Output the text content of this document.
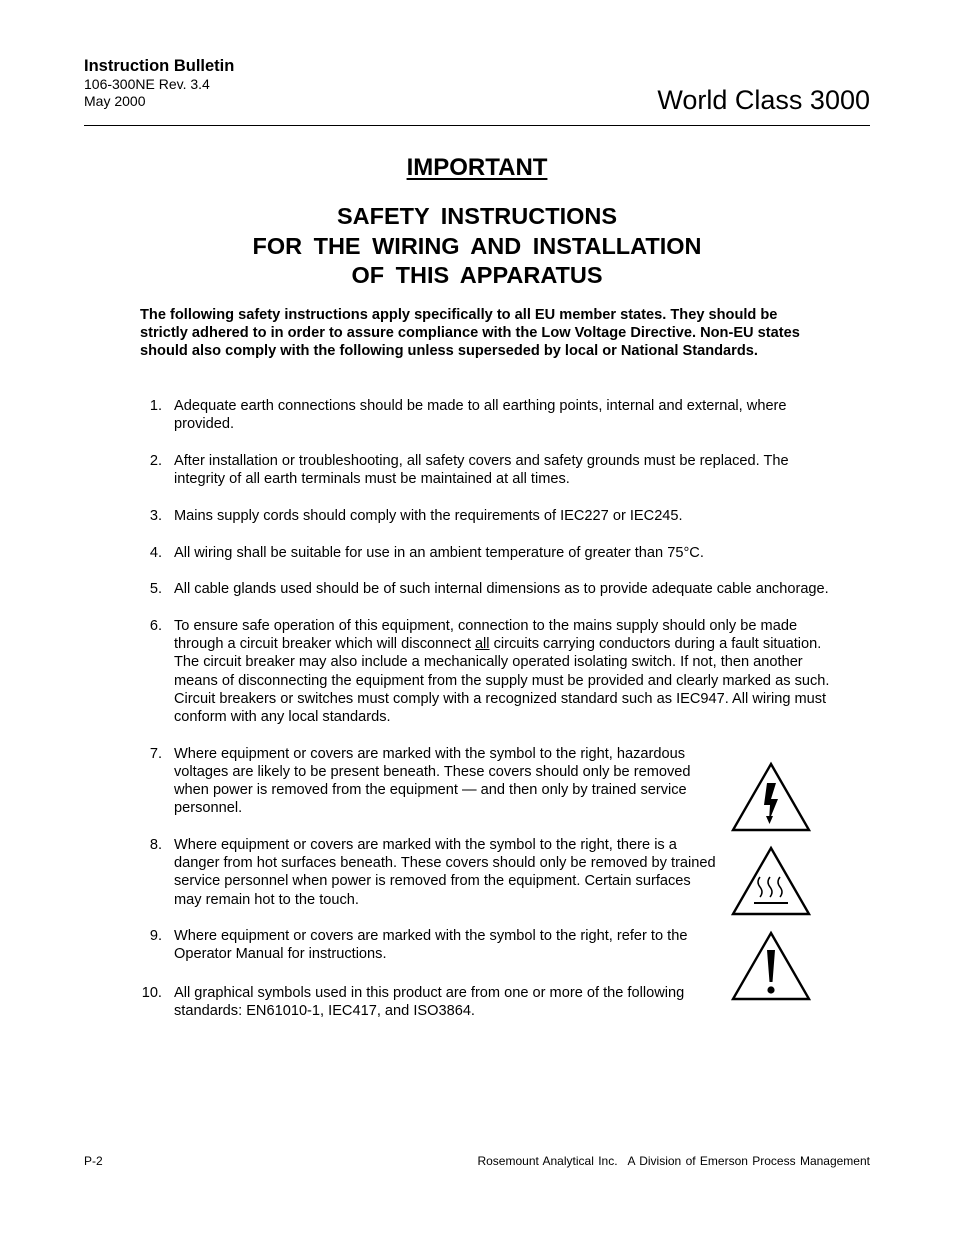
Instruction Bulletin
106-300NE Rev. 3.4
May 2000	World Class 3000
IMPORTANT
SAFETY INSTRUCTIONS
FOR THE WIRING AND INSTALLATION
OF THIS APPARATUS
The following safety instructions apply specifically to all EU member states. They should be strictly adhered to in order to assure compliance with the Low Voltage Directive. Non-EU states should also comply with the following unless superseded by local or National Standards.
1. Adequate earth connections should be made to all earthing points, internal and external, where provided.
2. After installation or troubleshooting, all safety covers and safety grounds must be replaced. The integrity of all earth terminals must be maintained at all times.
3. Mains supply cords should comply with the requirements of IEC227 or IEC245.
4. All wiring shall be suitable for use in an ambient temperature of greater than 75°C.
5. All cable glands used should be of such internal dimensions as to provide adequate cable anchorage.
6. To ensure safe operation of this equipment, connection to the mains supply should only be made through a circuit breaker which will disconnect all circuits carrying conductors during a fault situation. The circuit breaker may also include a mechanically operated isolating switch. If not, then another means of disconnecting the equipment from the supply must be provided and clearly marked as such. Circuit breakers or switches must comply with a recognized standard such as IEC947. All wiring must conform with any local standards.
7. Where equipment or covers are marked with the symbol to the right, hazardous voltages are likely to be present beneath. These covers should only be removed when power is removed from the equipment — and then only by trained service personnel.
8. Where equipment or covers are marked with the symbol to the right, there is a danger from hot surfaces beneath. These covers should only be removed by trained service personnel when power is removed from the equipment. Certain surfaces may remain hot to the touch.
9. Where equipment or covers are marked with the symbol to the right, refer to the Operator Manual for instructions.
10. All graphical symbols used in this product are from one or more of the following standards: EN61010-1, IEC417, and ISO3864.
P-2	Rosemount Analytical Inc. A Division of Emerson Process Management
